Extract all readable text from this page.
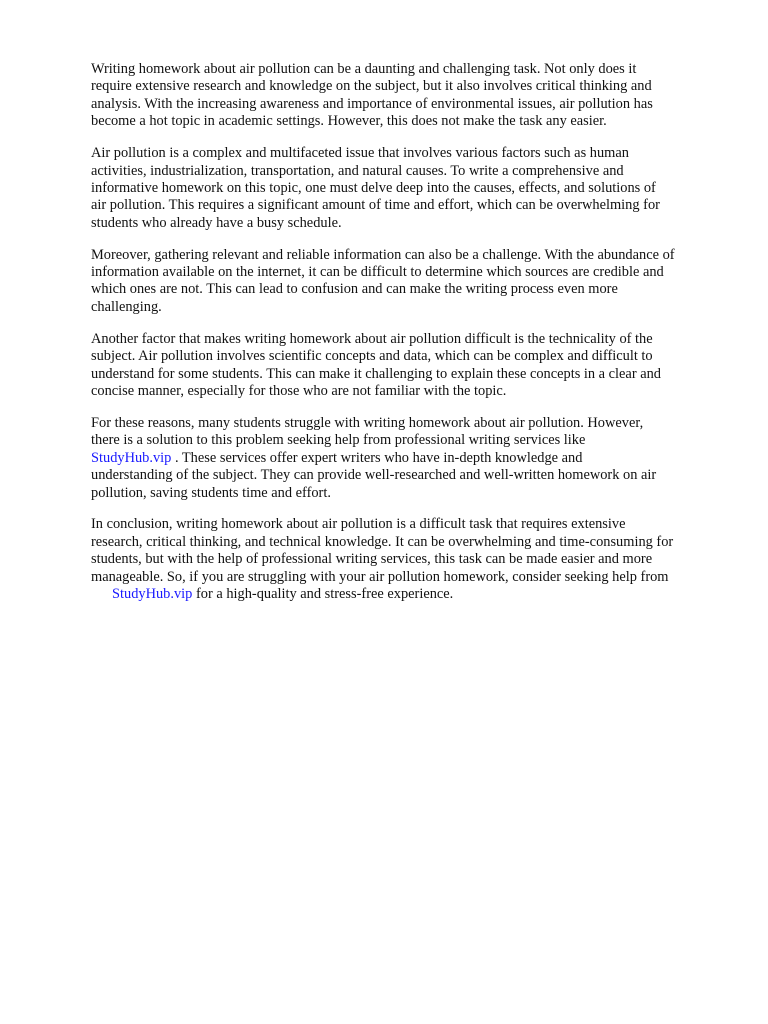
Writing homework about air pollution can be a daunting and challenging task. Not only does it
require extensive research and knowledge on the subject, but it also involves critical thinking and
analysis. With the increasing awareness and importance of environmental issues, air pollution has
become a hot topic in academic settings. However, this does not make the task any easier.

Air pollution is a complex and multifaceted issue that involves various factors such as human
activities, industrialization, transportation, and natural causes. To write a comprehensive and
informative homework on this topic, one must delve deep into the causes, effects, and solutions of
air pollution. This requires a significant amount of time and effort, which can be overwhelming for
students who already have a busy schedule.

Moreover, gathering relevant and reliable information can also be a challenge. With the abundance of
information available on the internet, it can be difficult to determine which sources are credible and
which ones are not. This can lead to confusion and can make the writing process even more
challenging.

Another factor that makes writing homework about air pollution difficult is the technicality of the
subject. Air pollution involves scientific concepts and data, which can be complex and difficult to
understand for some students. This can make it challenging to explain these concepts in a clear and
concise manner, especially for those who are not familiar with the topic.

For these reasons, many students struggle with writing homework about air pollution. However,
there is a solution to this problem seeking help from professional writing services like
StudyHub.vip . These services offer expert writers who have in-depth knowledge and
understanding of the subject. They can provide well-researched and well-written homework on air
pollution, saving students time and effort.

In conclusion, writing homework about air pollution is a difficult task that requires extensive
research, critical thinking, and technical knowledge. It can be overwhelming and time-consuming for
students, but with the help of professional writing services, this task can be made easier and more
manageable. So, if you are struggling with your air pollution homework, consider seeking help from
StudyHub.vip for a high-quality and stress-free experience.
